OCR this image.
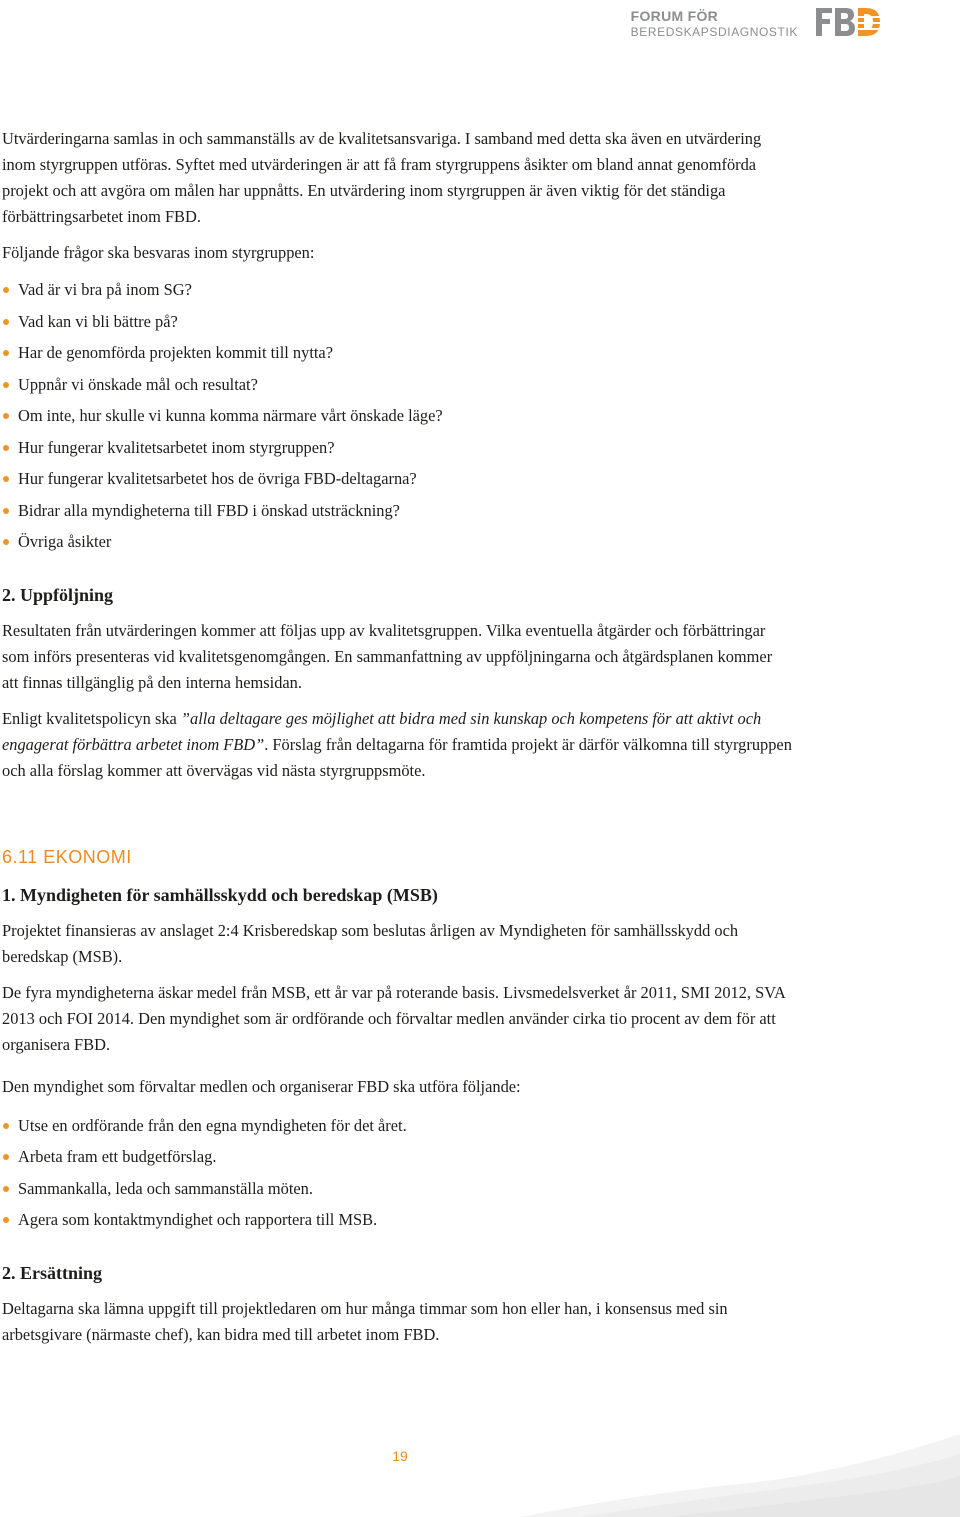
FORUM FÖR
BEREDSKAPSDIAGNOSTIK

Utvärderingarna samlas in och sammanställs av de kvalitetsansvariga. I samband med detta ska även en utvärdering inom styrgruppen utföras. Syftet med utvärderingen är att få fram styrgruppens åsikter om bland annat genomförda projekt och att avgöra om målen har uppnåtts. En utvärdering inom styrgruppen är även viktig för det ständiga förbättringsarbetet inom FBD.

Följande frågor ska besvaras inom styrgruppen:

Vad är vi bra på inom SG?
Vad kan vi bli bättre på?
Har de genomförda projekten kommit till nytta?
Uppnår vi önskade mål och resultat?
Om inte, hur skulle vi kunna komma närmare vårt önskade läge?
Hur fungerar kvalitetsarbetet inom styrgruppen?
Hur fungerar kvalitetsarbetet hos de övriga FBD-deltagarna?
Bidrar alla myndigheterna till FBD i önskad utsträckning?
Övriga åsikter
2. Uppföljning

Resultaten från utvärderingen kommer att följas upp av kvalitetsgruppen. Vilka eventuella åtgärder och förbättringar som införs presenteras vid kvalitetsgenomgången. En sammanfattning av uppföljningarna och åtgärdsplanen kommer att finnas tillgänglig på den interna hemsidan.

Enligt kvalitetspolicyn ska ”alla deltagare ges möjlighet att bidra med sin kunskap och kompetens för att aktivt och engagerat förbättra arbetet inom FBD”. Förslag från deltagarna för framtida projekt är därför välkomna till styrgruppen och alla förslag kommer att övervägas vid nästa styrgruppsmöte.

6.11 EKONOMI
1. Myndigheten för samhällsskydd och beredskap (MSB)

Projektet finansieras av anslaget 2:4 Krisberedskap som beslutas årligen av Myndigheten för samhällsskydd och beredskap (MSB).

De fyra myndigheterna äskar medel från MSB, ett år var på roterande basis. Livsmedelsverket år 2011, SMI 2012, SVA 2013 och FOI 2014. Den myndighet som är ordförande och förvaltar medlen använder cirka tio procent av dem för att organisera FBD.

Den myndighet som förvaltar medlen och organiserar FBD ska utföra följande:

Utse en ordförande från den egna myndigheten för det året.
Arbeta fram ett budgetförslag.
Sammankalla, leda och sammanställa möten.
Agera som kontaktmyndighet och rapportera till MSB.
2. Ersättning

Deltagarna ska lämna uppgift till projektledaren om hur många timmar som hon eller han, i konsensus med sin arbetsgivare (närmaste chef), kan bidra med till arbetet inom FBD.

19
